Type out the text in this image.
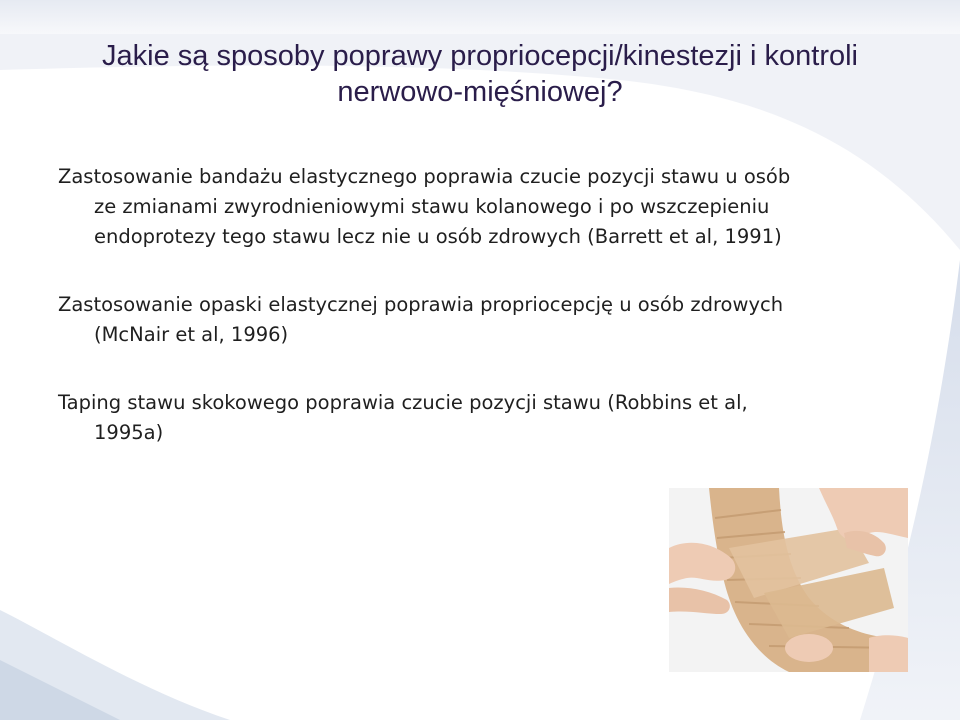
Jakie są sposoby poprawy propriocepcji/kinestezji i kontroli nerwowo-mięśniowej?
Zastosowanie bandażu elastycznego poprawia czucie pozycji stawu u osób ze zmianami zwyrodnieniowymi stawu kolanowego i po wszczepieniu endoprotezy tego stawu lecz nie u osób zdrowych (Barrett et al, 1991)
Zastosowanie opaski elastycznej poprawia propriocepcję u osób zdrowych (McNair et al, 1996)
Taping stawu skokowego poprawia czucie pozycji stawu (Robbins et al, 1995a)
